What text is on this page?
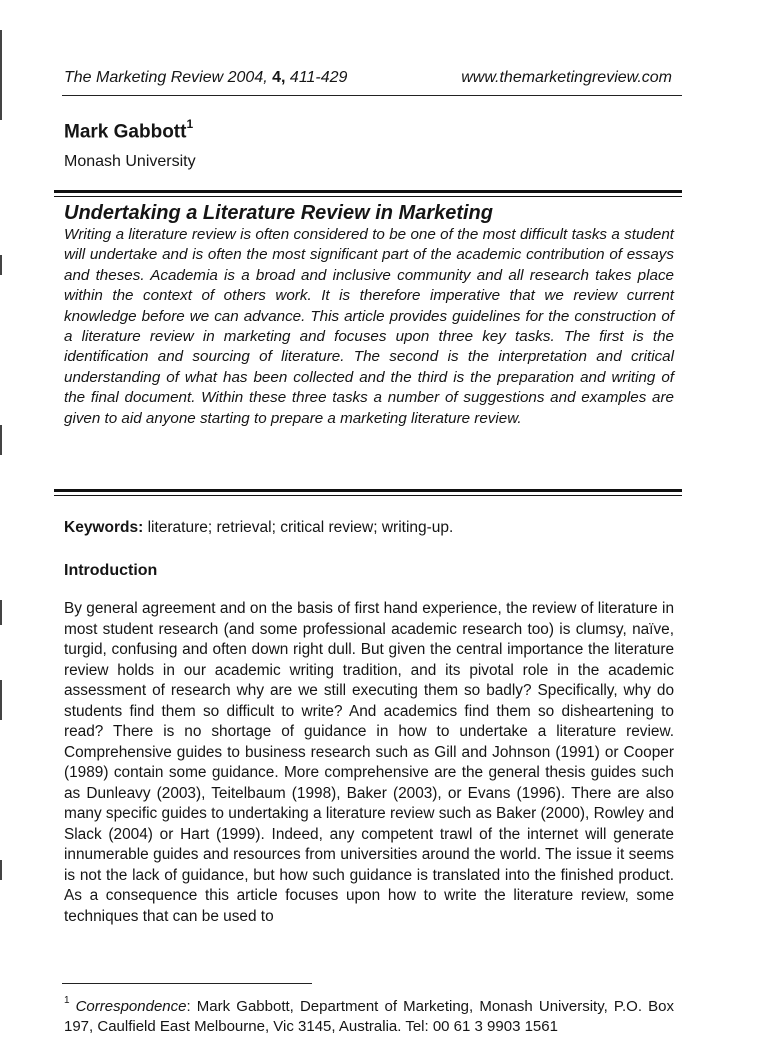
The Marketing Review 2004, 4, 411-429	www.themarketingreview.com
Mark Gabbott$^1$
Monash University
Undertaking a Literature Review in Marketing

Writing a literature review is often considered to be one of the most difficult tasks a student will undertake and is often the most significant part of the academic contribution of essays and theses. Academia is a broad and inclusive community and all research takes place within the context of others work. It is therefore imperative that we review current knowledge before we can advance. This article provides guidelines for the construction of a literature review in marketing and focuses upon three key tasks. The first is the identification and sourcing of literature. The second is the interpretation and critical understanding of what has been collected and the third is the preparation and writing of the final document. Within these three tasks a number of suggestions and examples are given to aid anyone starting to prepare a marketing literature review.

Keywords: literature; retrieval; critical review; writing-up.
Introduction

By general agreement and on the basis of first hand experience, the review of literature in most student research (and some professional academic research too) is clumsy, naïve, turgid, confusing and often down right dull. But given the central importance the literature review holds in our academic writing tradition, and its pivotal role in the academic assessment of research why are we still executing them so badly? Specifically, why do students find them so difficult to write? And academics find them so disheartening to read? There is no shortage of guidance in how to undertake a literature review. Comprehensive guides to business research such as Gill and Johnson (1991) or Cooper (1989) contain some guidance. More comprehensive are the general thesis guides such as Dunleavy (2003), Teitelbaum (1998), Baker (2003), or Evans (1996). There are also many specific guides to undertaking a literature review such as Baker (2000), Rowley and Slack (2004) or Hart (1999). Indeed, any competent trawl of the internet will generate innumerable guides and resources from universities around the world. The issue it seems is not the lack of guidance, but how such guidance is translated into the finished product. As a consequence this article focuses upon how to write the literature review, some techniques that can be used to

$^1$ Correspondence: Mark Gabbott, Department of Marketing, Monash University, P.O. Box 197, Caulfield East Melbourne, Vic 3145, Australia. Tel: 00 61 3 9903 1561
